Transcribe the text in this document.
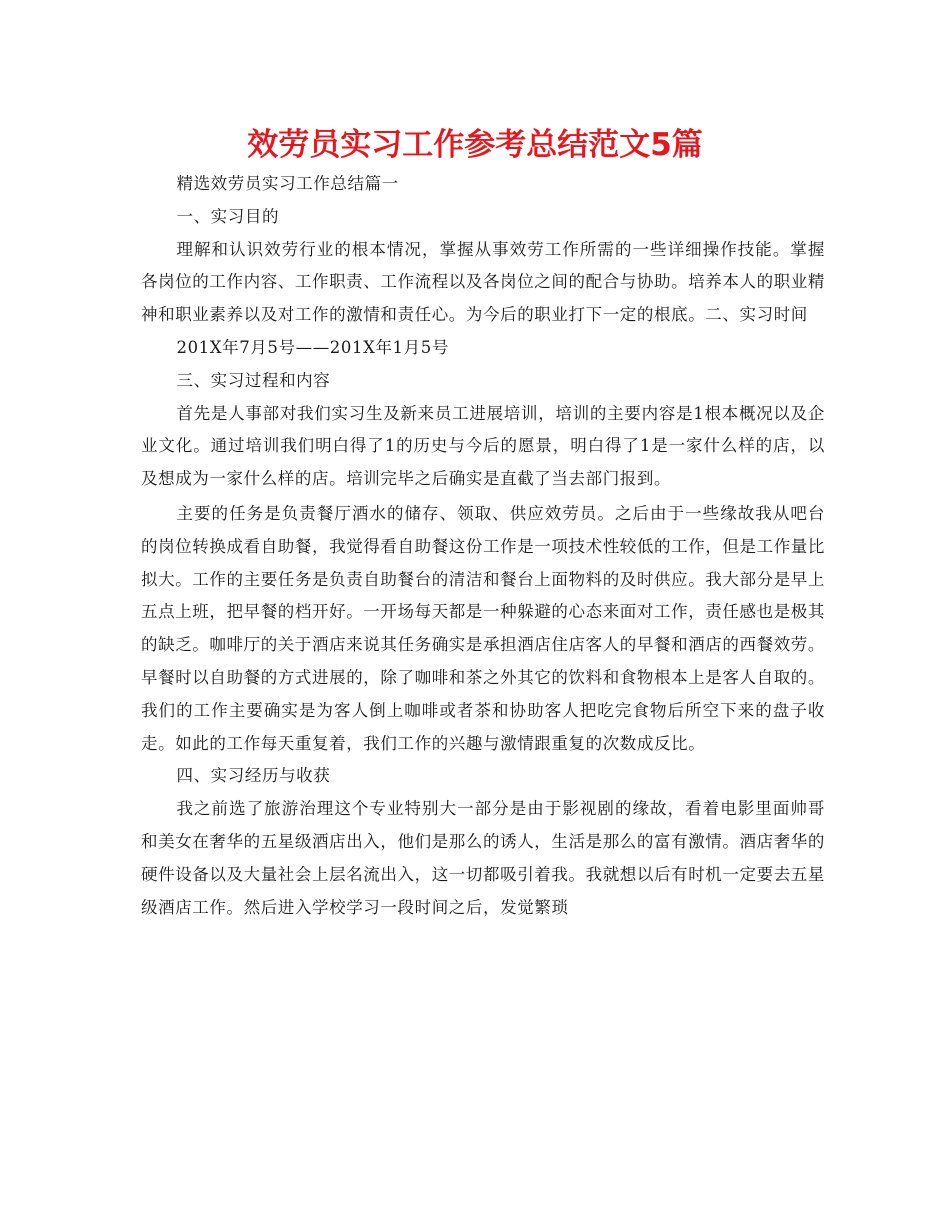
效劳员实习工作参考总结范文5篇

精选效劳员实习工作总结篇一

一、实习目的

理解和认识效劳行业的根本情况，掌握从事效劳工作所需的一些详细操作技能。掌握各岗位的工作内容、工作职责、工作流程以及各岗位之间的配合与协助。培养本人的职业精神和职业素养以及对工作的激情和责任心。为今后的职业打下一定的根底。二、实习时间

201X年7月5号——201X年1月5号

三、实习过程和内容

首先是人事部对我们实习生及新来员工进展培训，培训的主要内容是1根本概况以及企业文化。通过培训我们明白得了1的历史与今后的愿景，明白得了1是一家什么样的店，以及想成为一家什么样的店。培训完毕之后确实是直截了当去部门报到。

主要的任务是负责餐厅酒水的储存、领取、供应效劳员。之后由于一些缘故我从吧台的岗位转换成看自助餐，我觉得看自助餐这份工作是一项技术性较低的工作，但是工作量比拟大。工作的主要任务是负责自助餐台的清洁和餐台上面物料的及时供应。我大部分是早上五点上班，把早餐的档开好。一开场每天都是一种躲避的心态来面对工作，责任感也是极其的缺乏。咖啡厅的关于酒店来说其任务确实是承担酒店住店客人的早餐和酒店的西餐效劳。早餐时以自助餐的方式进展的，除了咖啡和茶之外其它的饮料和食物根本上是客人自取的。我们的工作主要确实是为客人倒上咖啡或者茶和协助客人把吃完食物后所空下来的盘子收走。如此的工作每天重复着，我们工作的兴趣与激情跟重复的次数成反比。

四、实习经历与收获

我之前选了旅游治理这个专业特别大一部分是由于影视剧的缘故，看着电影里面帅哥和美女在奢华的五星级酒店出入，他们是那么的诱人，生活是那么的富有激情。酒店奢华的硬件设备以及大量社会上层名流出入，这一切都吸引着我。我就想以后有时机一定要去五星级酒店工作。然后进入学校学习一段时间之后，发觉繁琐
